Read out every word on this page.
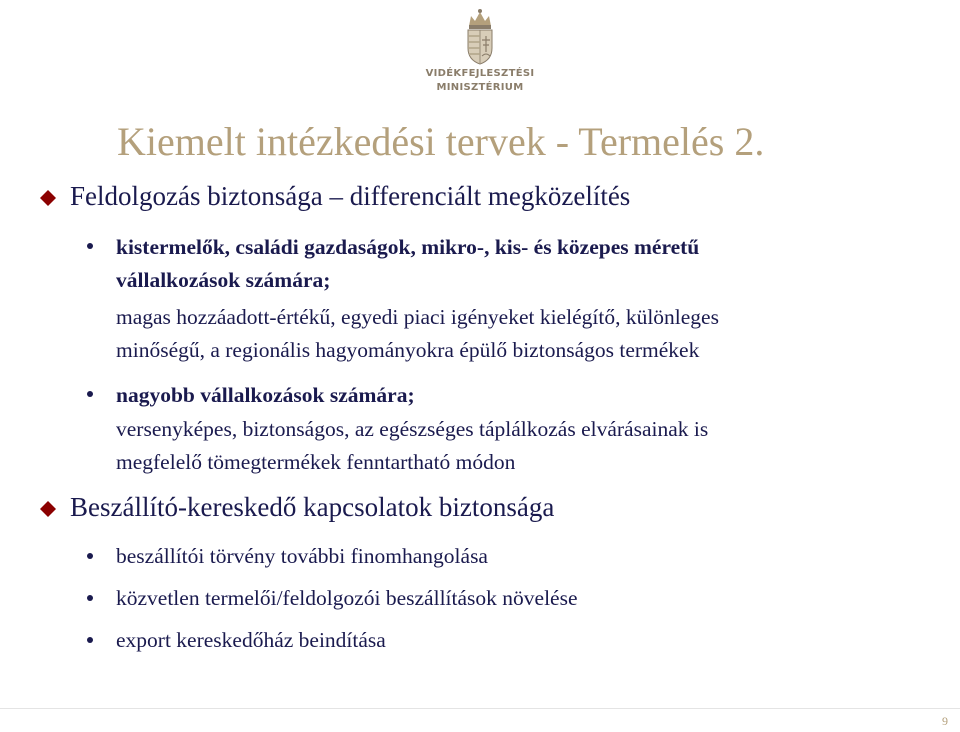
VIDÉKFEJLESZTÉSI
MINISZTÉRIUM
Kiemelt intézkedési tervek - Termelés 2.
Feldolgozás biztonsága – differenciált megközelítés
kistermelők, családi gazdaságok, mikro-, kis- és közepes méretű
vállalkozások számára;
magas hozzáadott-értékű, egyedi piaci igényeket kielégítő, különleges
minőségű, a regionális hagyományokra épülő biztonságos termékek
nagyobb vállalkozások számára;
versenyképes, biztonságos, az egészséges táplálkozás elvárásainak is
megfelelő tömegtermékek fenntartható módon
Beszállító-kereskedő kapcsolatok biztonsága
beszállítói törvény további finomhangolása
közvetlen termelői/feldolgozói beszállítások növelése
export kereskedőház beindítása
9
